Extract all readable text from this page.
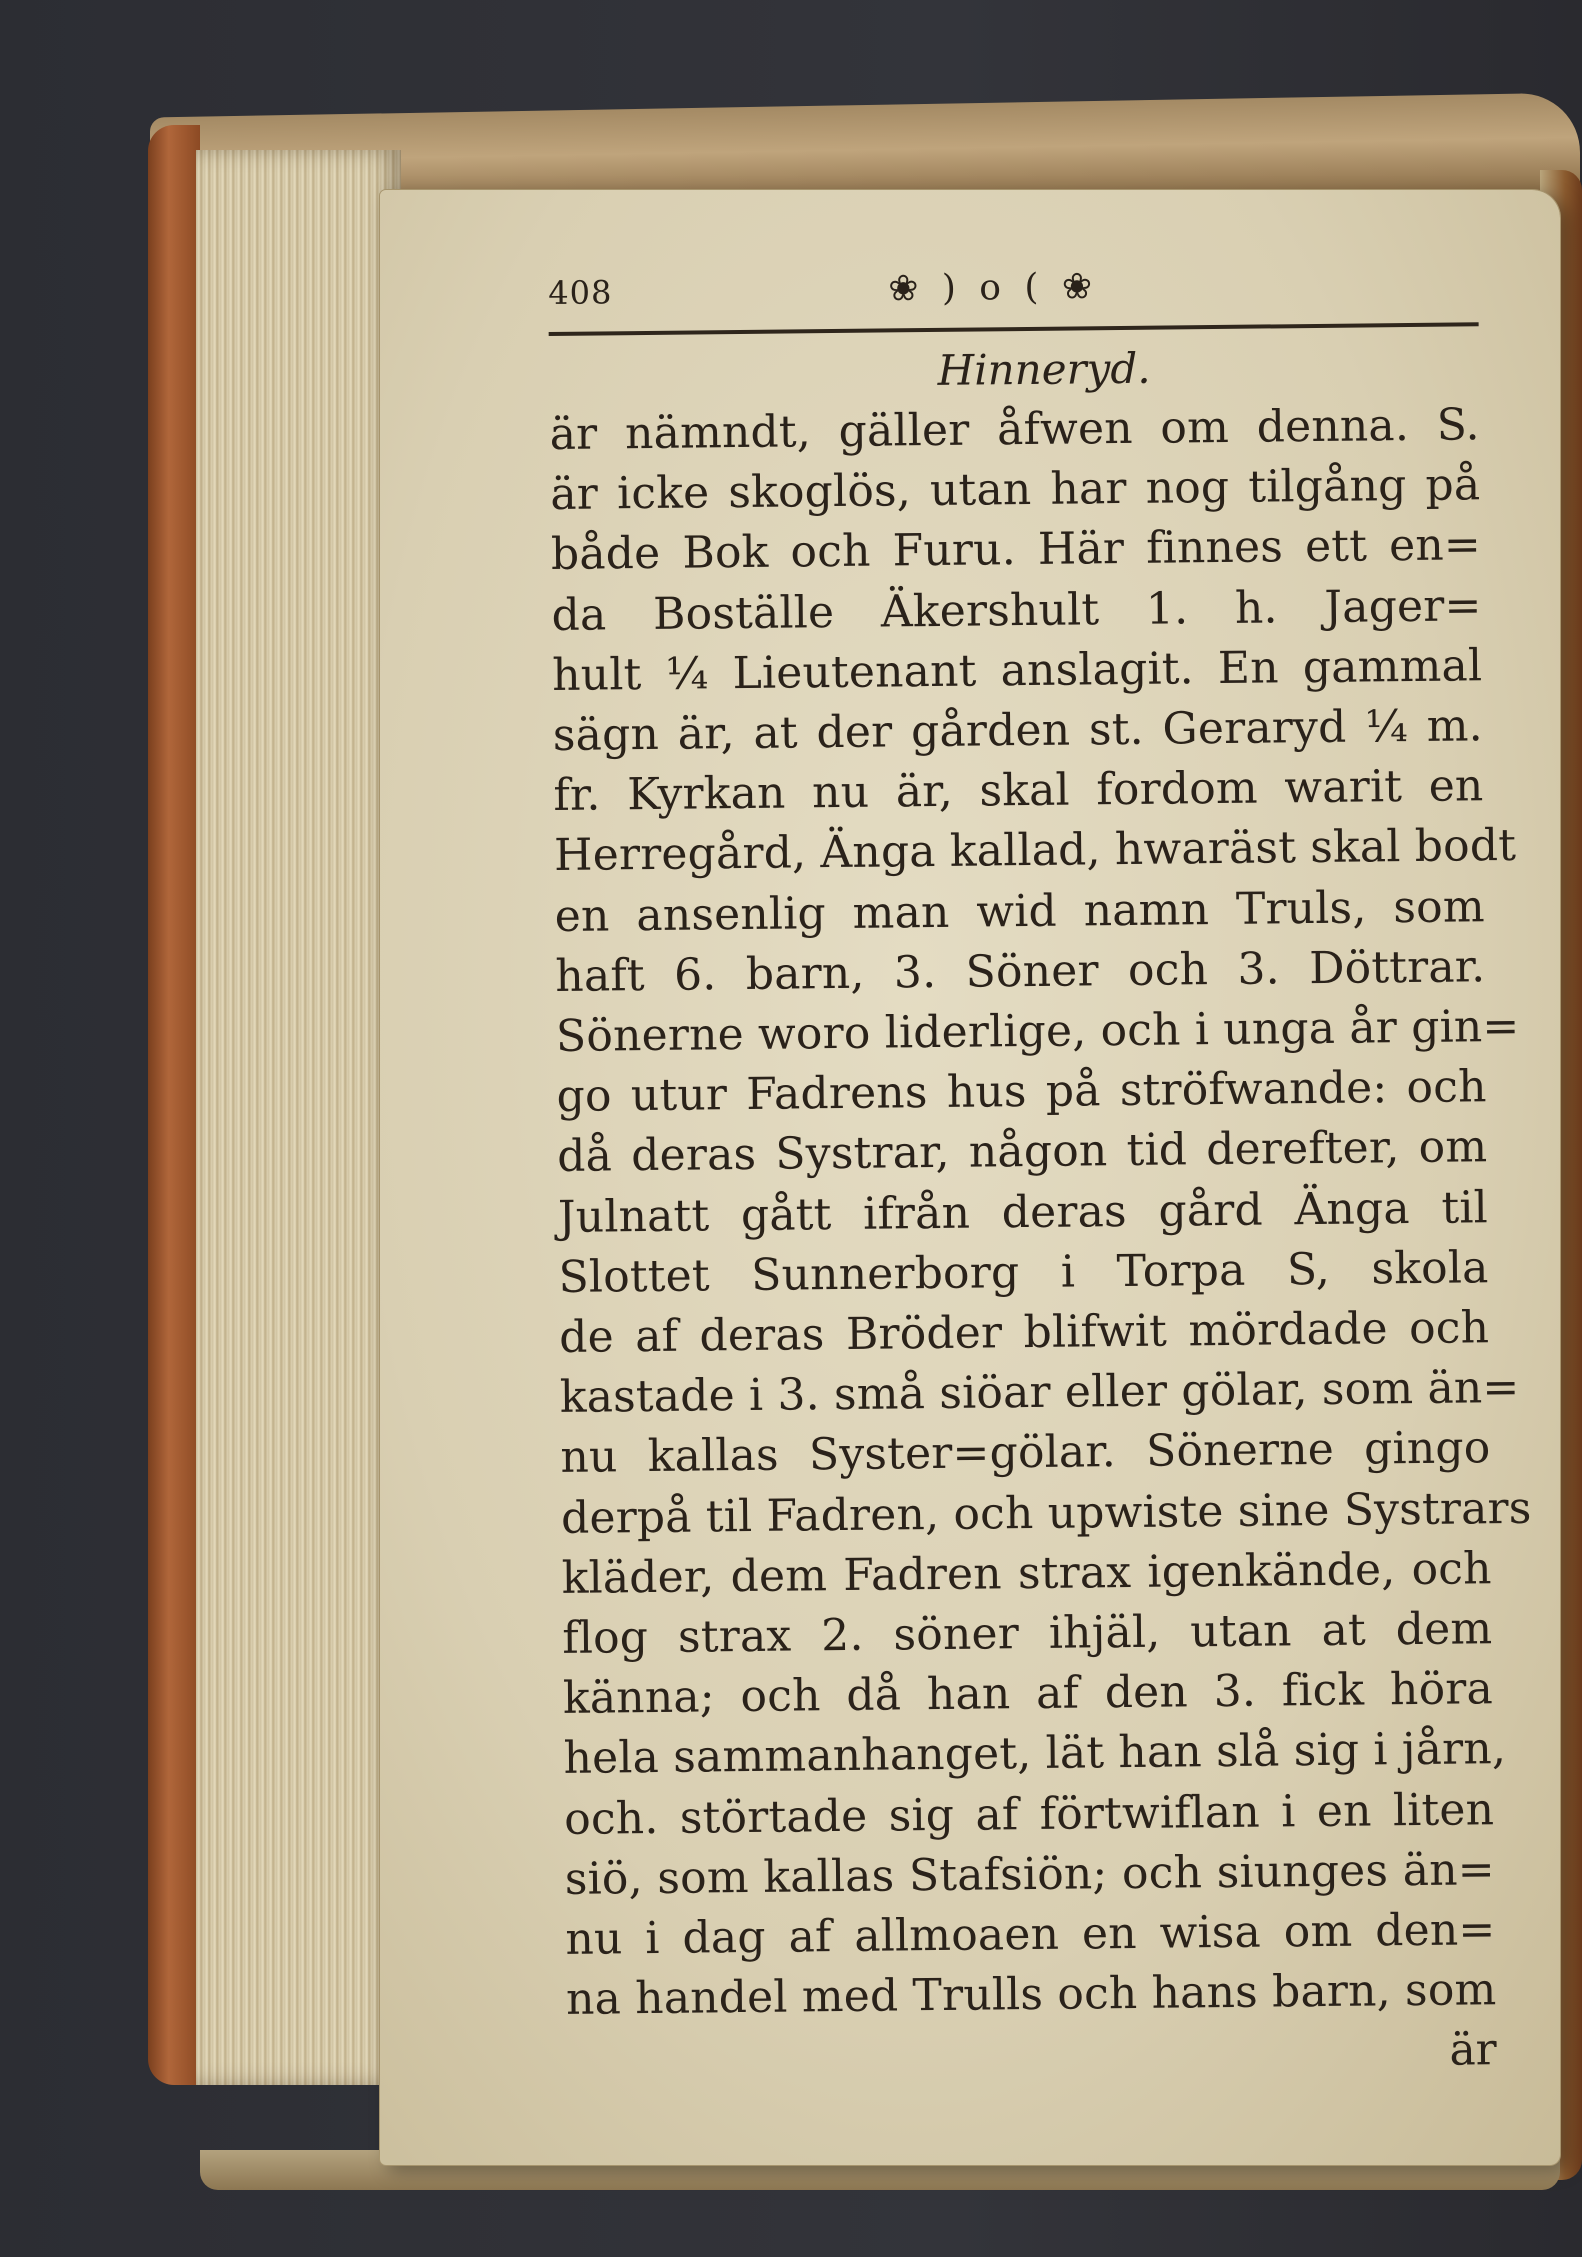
408	❀ ) o ( ❀
Hinneryd.
är nämndt, gäller åfwen om denna. S.
är icke skoglös, utan har nog tilgång på
både Bok och Furu. Här finnes ett en=
da Boställe Äkershult 1. h. Jager=
hult ¼ Lieutenant anslagit. En gammal
sägn är, at der gården st. Geraryd ¼ m.
fr. Kyrkan nu är, skal fordom warit en
Herregård, Änga kallad, hwaräst skal bodt
en ansenlig man wid namn Truls, som
haft 6. barn, 3. Söner och 3. Döttrar.
Sönerne woro liderlige, och i unga år gin=
go utur Fadrens hus på ströfwande: och
då deras Systrar, någon tid derefter, om
Julnatt gått ifrån deras gård Änga til
Slottet Sunnerborg i Torpa S, skola
de af deras Bröder blifwit mördade och
kastade i 3. små siöar eller gölar, som än=
nu kallas Syster=gölar. Sönerne gingo
derpå til Fadren, och upwiste sine Systrars
kläder, dem Fadren strax igenkände, och
flog strax 2. söner ihjäl, utan at dem
känna; och då han af den 3. fick höra
hela sammanhanget, lät han slå sig i jårn,
och. störtade sig af förtwiflan i en liten
siö, som kallas Stafsiön; och siunges än=
nu i dag af allmoaen en wisa om den=
na handel med Trulls och hans barn, som
är
